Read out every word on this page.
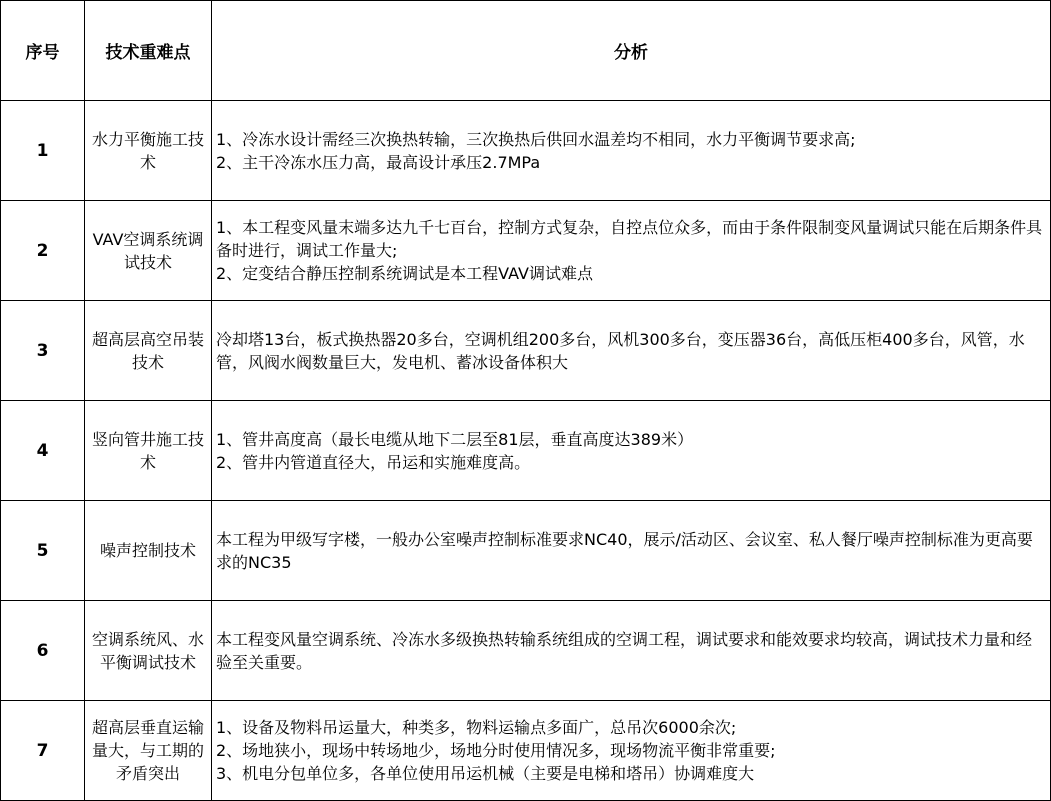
序号	技术重难点	分析
1	水力平衡施工技术	1、冷冻水设计需经三次换热转输，三次换热后供回水温差均不相同，水力平衡调节要求高;
2、主干冷冻水压力高，最高设计承压2.7MPa

2	VAV空调系统调试技术	1、本工程变风量末端多达九千七百台，控制方式复杂，自控点位众多，而由于条件限制变风量调试只能在后期条件具备时进行，调试工作量大;
2、定变结合静压控制系统调试是本工程VAV调试难点

3	超高层高空吊装技术	冷却塔13台，板式换热器20多台，空调机组200多台，风机300多台，变压器36台，高低压柜400多台，风管，水管，风阀水阀数量巨大，发电机、蓄冰设备体积大

4	竖向管井施工技术	1、管井高度高（最长电缆从地下二层至81层，垂直高度达389米）
2、管井内管道直径大，吊运和实施难度高。

5	噪声控制技术	本工程为甲级写字楼，一般办公室噪声控制标准要求NC40，展示/活动区、会议室、私人餐厅噪声控制标准为更高要求的NC35

6	空调系统风、水平衡调试技术	本工程变风量空调系统、冷冻水多级换热转输系统组成的空调工程，调试要求和能效要求均较高，调试技术力量和经验至关重要。

7	超高层垂直运输量大，与工期的矛盾突出	1、设备及物料吊运量大，种类多，物料运输点多面广，总吊次6000余次;
2、场地狭小，现场中转场地少，场地分时使用情况多，现场物流平衡非常重要;
3、机电分包单位多，各单位使用吊运机械（主要是电梯和塔吊）协调难度大
